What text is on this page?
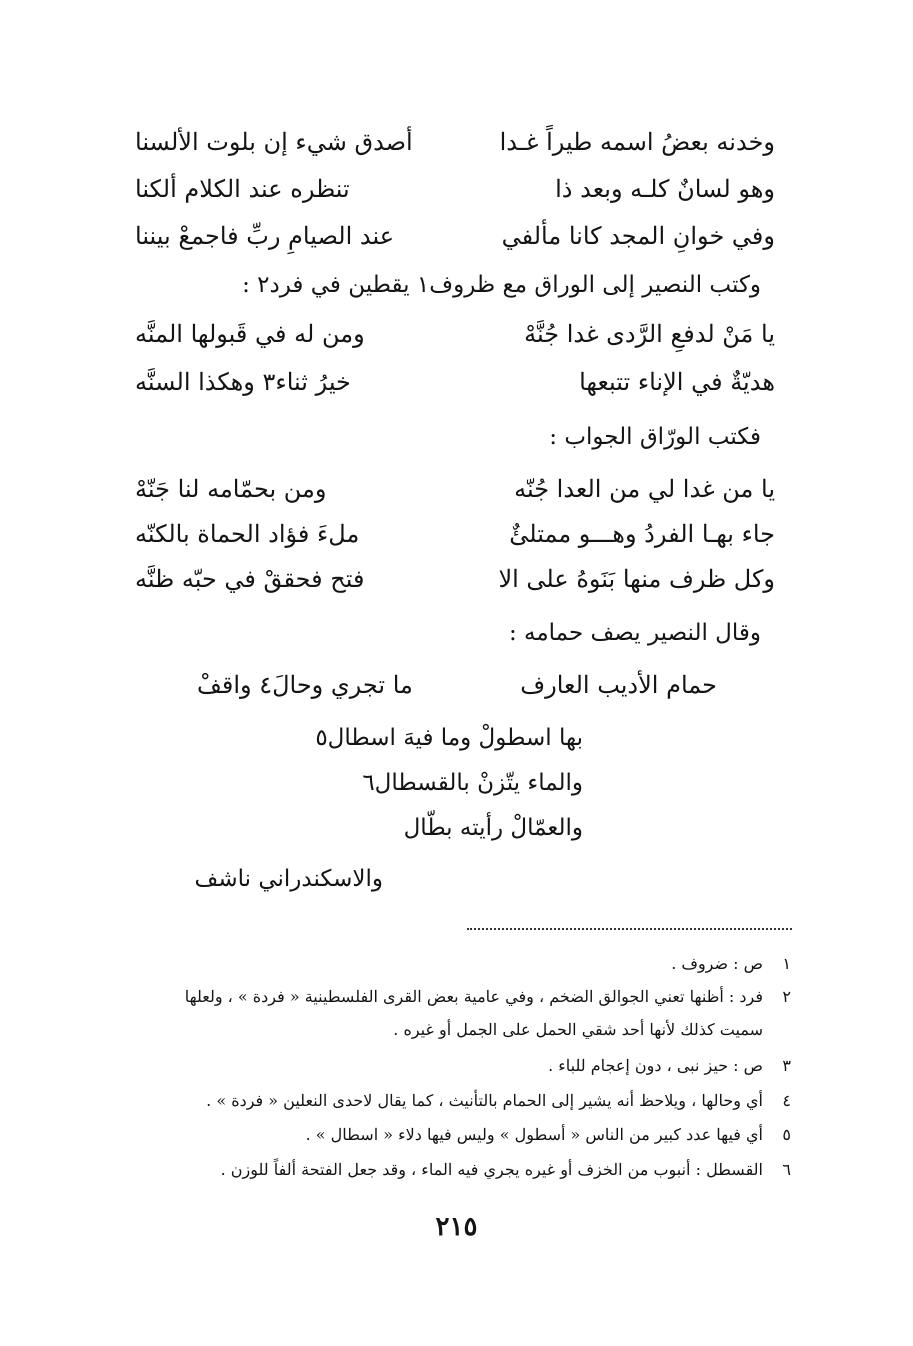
وخدنه بعضُ اسمه طيراً غـدا
أصدق شيء إن بلوت الألسنا
وهو لسانٌ كلـه وبعد ذا
تنظره عند الكلام ألكنا
وفي خوانِ المجد كانا مألفي
عند الصيامِ ربِّ فاجمعْ بيننا
وكتب النصير إلى الوراق مع ظروف١ يقطين في فرد٢ :
يا مَنْ لدفعِ الرَّدى غدا جُنَّهْ
ومن له في قَبولها المنَّه
هديّةٌ في الإناء تتبعها
خيرُ ثناء٣ وهكذا السنَّه
فكتب الورّاق الجواب :
يا من غدا لي من العدا جُنّه
ومن بحمّامه لنا جَنّهْ
جاء بهـا الفردُ وهـــو ممتلئٌ
ملءَ فؤاد الحماة بالكنّه
وكل ظرف منها بَنَوهُ على الا
فتح فحققْ في حبّه ظنَّه
وقال النصير يصف حمامه :
حمام الأديب العارف
ما تجري وحالَ٤ واقفْ
بها اسطولْ وما فيهَ اسطال٥
والماء يتّزنْ بالقسطال٦
والعمّالْ رأيته بطّال
والاسكندراني ناشف
١ص : ضروف .
٢فرد : أظنها تعني الجوالق الضخم ، وفي عامية بعض القرى الفلسطينية « فردة » ، ولعلها
سميت كذلك لأنها أحد شقي الحمل على الجمل أو غيره .
٣ص : حيز نبى ، دون إعجام للباء .
٤أي وحالها ، ويلاحظ أنه يشير إلى الحمام بالتأنيث ، كما يقال لاحدى النعلين « فردة » .
٥أي فيها عدد كبير من الناس « أسطول » وليس فيها دلاء « اسطال » .
٦القسطل : أنبوب من الخزف أو غيره يجري فيه الماء ، وقد جعل الفتحة ألفاً للوزن .
٢١٥
